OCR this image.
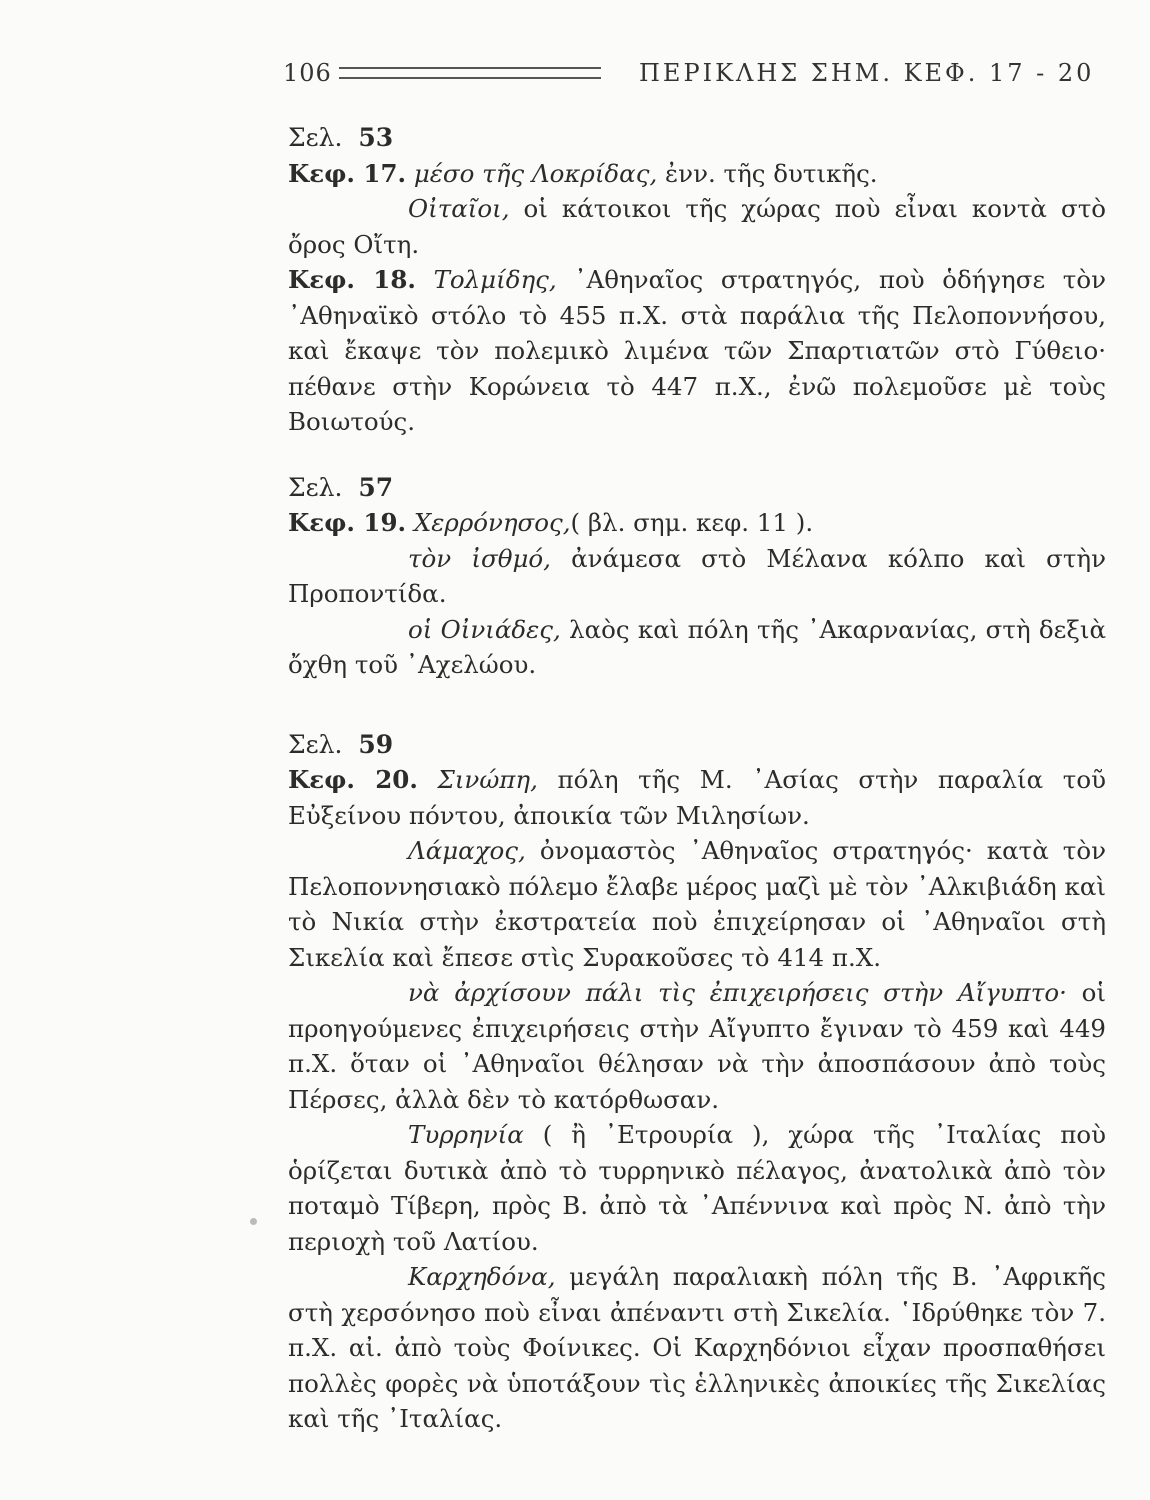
106	ΠΕΡΙΚΛΗΣ ΣΗΜ. ΚΕΦ. 17 - 20

Σελ. 53

Κεφ. 17. μέσο τῆς Λοκρίδας, ἐνν. τῆς δυτικῆς.

Οἰταῖοι, οἱ κάτοικοι τῆς χώρας ποὺ εἶναι κοντὰ στὸ ὄρος Οἴτη.

Κεφ. 18. Τολμίδης, ᾿Αθηναῖος στρατηγός, ποὺ ὁδήγησε τὸν ᾿Αθηναϊκὸ στόλο τὸ 455 π.Χ. στὰ παράλια τῆς Πελοποννήσου, καὶ ἔκαψε τὸν πολεμικὸ λιμένα τῶν Σπαρτιατῶν στὸ Γύθειο· πέθανε στὴν Κορώνεια τὸ 447 π.Χ., ἐνῶ πολεμοῦσε μὲ τοὺς Βοιωτούς.

Σελ. 57

Κεφ. 19. Χερρόνησος,( βλ. σημ. κεφ. 11 ).

τὸν ἰσθμό, ἀνάμεσα στὸ Μέλανα κόλπο καὶ στὴν Προποντίδα.

οἱ Οἰνιάδες, λαὸς καὶ πόλη τῆς ᾿Ακαρνανίας, στὴ δεξιὰ ὄχθη τοῦ ᾿Αχελώου.

Σελ. 59

Κεφ. 20. Σινώπη, πόλη τῆς Μ. ᾿Ασίας στὴν παραλία τοῦ Εὐξείνου πόντου, ἀποικία τῶν Μιλησίων.

Λάμαχος, ὀνομαστὸς ᾿Αθηναῖος στρατηγός· κατὰ τὸν Πελοποννησιακὸ πόλεμο ἔλαβε μέρος μαζὶ μὲ τὸν ᾿Αλκιβιάδη καὶ τὸ Νικία στὴν ἐκστρατεία ποὺ ἐπιχείρησαν οἱ ᾿Αθηναῖοι στὴ Σικελία καὶ ἔπεσε στὶς Συρακοῦσες τὸ 414 π.Χ.

νὰ ἀρχίσουν πάλι τὶς ἐπιχειρήσεις στὴν Αἴγυπτο· οἱ προηγούμενες ἐπιχειρήσεις στὴν Αἴγυπτο ἔγιναν τὸ 459 καὶ 449 π.Χ. ὅταν οἱ ᾿Αθηναῖοι θέλησαν νὰ τὴν ἀποσπάσουν ἀπὸ τοὺς Πέρσες, ἀλλὰ δὲν τὸ κατόρθωσαν.

Τυρρηνία ( ἢ ᾿Ετρουρία ), χώρα τῆς ᾿Ιταλίας ποὺ ὁρίζεται δυτικὰ ἀπὸ τὸ τυρρηνικὸ πέλαγος, ἀνατολικὰ ἀπὸ τὸν ποταμὸ Τίβερη, πρὸς Β. ἀπὸ τὰ ᾿Απέννινα καὶ πρὸς Ν. ἀπὸ τὴν περιοχὴ τοῦ Λατίου.

Καρχηδόνα, μεγάλη παραλιακὴ πόλη τῆς Β. ᾿Αφρικῆς στὴ χερσόνησο ποὺ εἶναι ἀπέναντι στὴ Σικελία. ῾Ιδρύθηκε τὸν 7. π.Χ. αἰ. ἀπὸ τοὺς Φοίνικες. Οἱ Καρχηδόνιοι εἶχαν προσπαθήσει πολλὲς φορὲς νὰ ὑποτάξουν τὶς ἑλληνικὲς ἀποικίες τῆς Σικελίας καὶ τῆς ᾿Ιταλίας.
